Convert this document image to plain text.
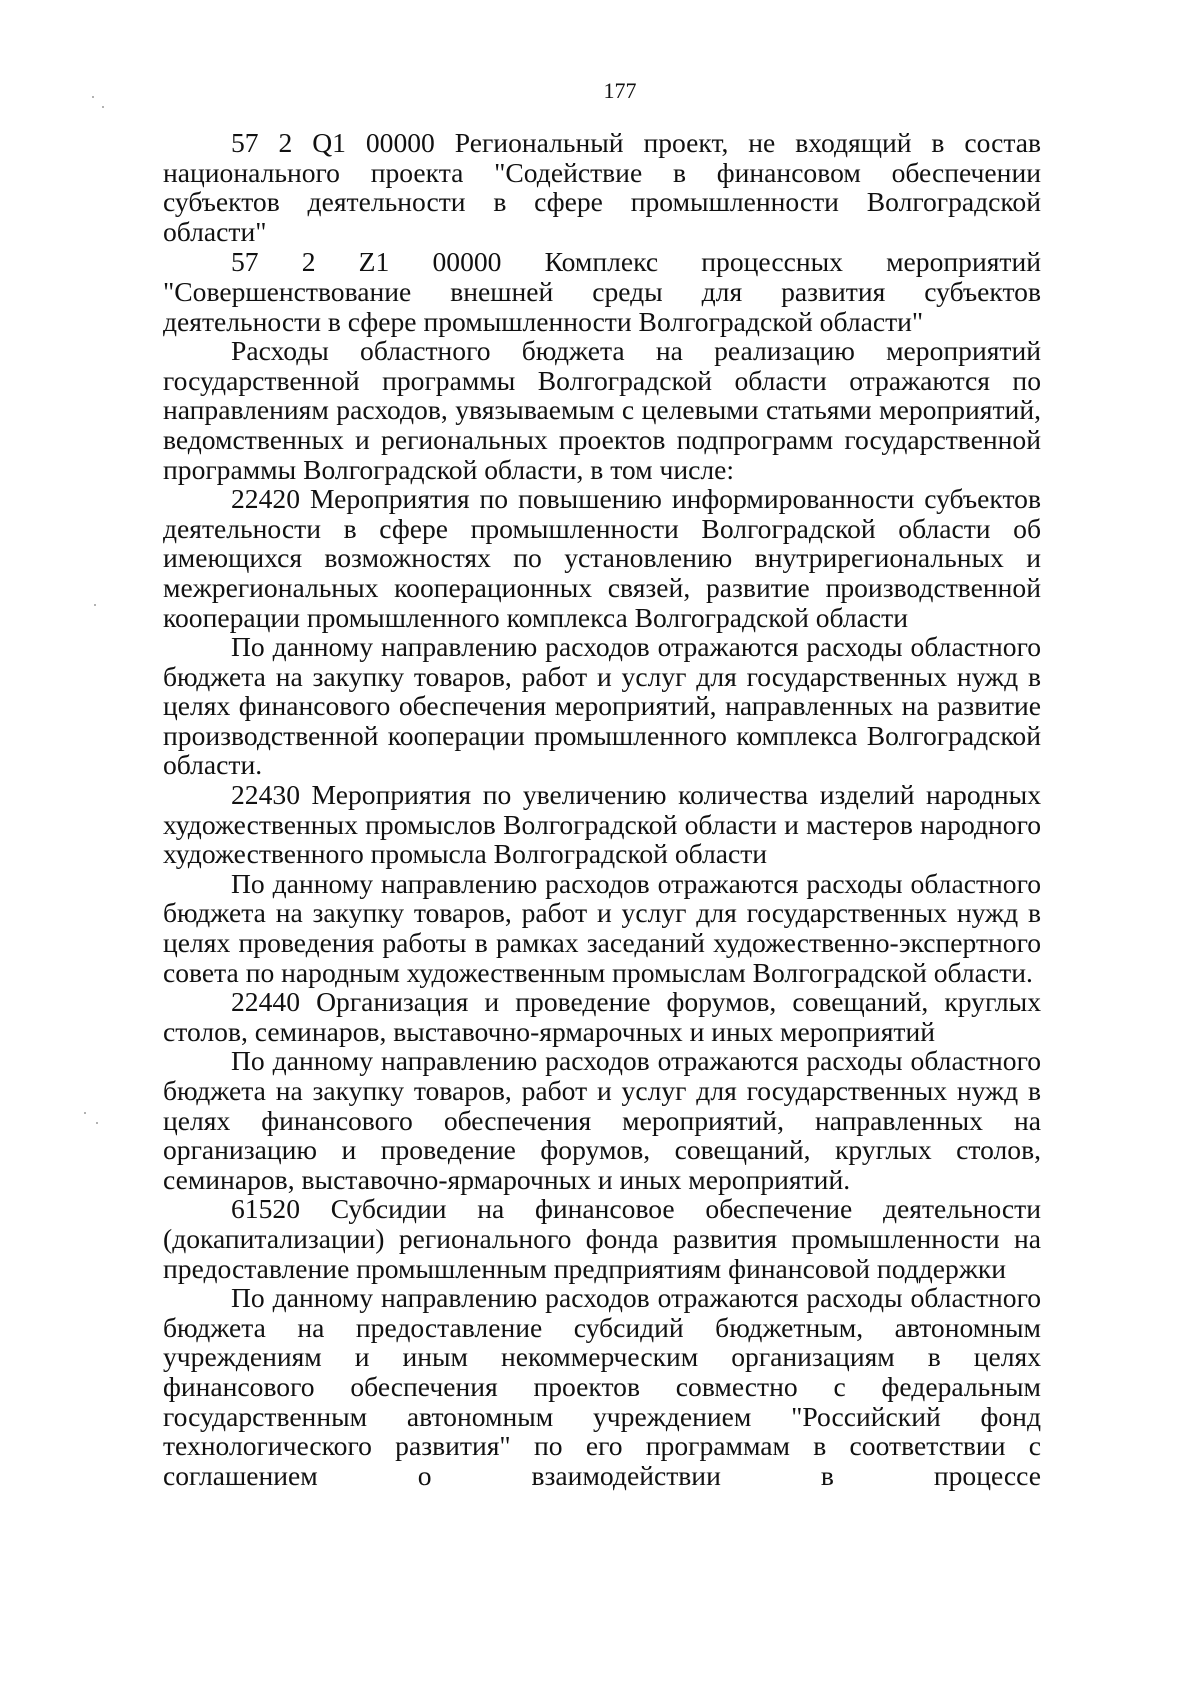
177

57 2 Q1 00000 Региональный проект, не входящий в состав национального проекта "Содействие в финансовом обеспечении субъектов деятельности в сфере промышленности Волгоградской области"

57 2 Z1 00000 Комплекс процессных мероприятий "Совершенствование внешней среды для развития субъектов деятельности в сфере промышленности Волгоградской области"

Расходы областного бюджета на реализацию мероприятий государственной программы Волгоградской области отражаются по направлениям расходов, увязываемым с целевыми статьями мероприятий, ведомственных и региональных проектов подпрограмм государственной программы Волгоградской области, в том числе:

22420 Мероприятия по повышению информированности субъектов деятельности в сфере промышленности Волгоградской области об имеющихся возможностях по установлению внутрирегиональных и межрегиональных кооперационных связей, развитие производственной кооперации промышленного комплекса Волгоградской области

По данному направлению расходов отражаются расходы областного бюджета на закупку товаров, работ и услуг для государственных нужд в целях финансового обеспечения мероприятий, направленных на развитие производственной кооперации промышленного комплекса Волгоградской области.

22430 Мероприятия по увеличению количества изделий народных художественных промыслов Волгоградской области и мастеров народного художественного промысла Волгоградской области

По данному направлению расходов отражаются расходы областного бюджета на закупку товаров, работ и услуг для государственных нужд в целях проведения работы в рамках заседаний художественно-экспертного совета по народным художественным промыслам Волгоградской области.

22440 Организация и проведение форумов, совещаний, круглых столов, семинаров, выставочно-ярмарочных и иных мероприятий

По данному направлению расходов отражаются расходы областного бюджета на закупку товаров, работ и услуг для государственных нужд в целях финансового обеспечения мероприятий, направленных на организацию и проведение форумов, совещаний, круглых столов, семинаров, выставочно-ярмарочных и иных мероприятий.

61520 Субсидии на финансовое обеспечение деятельности (докапитализации) регионального фонда развития промышленности на предоставление промышленным предприятиям финансовой поддержки

По данному направлению расходов отражаются расходы областного бюджета на предоставление субсидий бюджетным, автономным учреждениям и иным некоммерческим организациям в целях финансового обеспечения проектов совместно с федеральным государственным автономным учреждением "Российский фонд технологического развития" по его программам в соответствии с соглашением о взаимодействии в процессе
